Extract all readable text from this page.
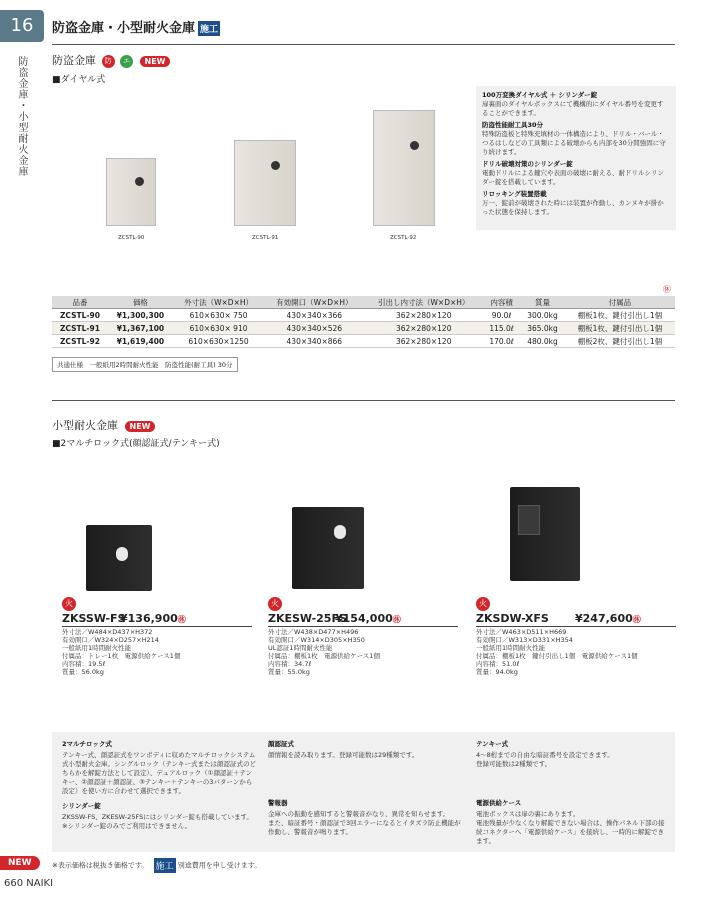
16
防盗金庫・小型耐火金庫
防盗金庫・小型耐火金庫 施工
防盗金庫 防犯 エコ NEW
■ダイヤル式
ZCSTL-90	ZCSTL-91	ZCSTL-92
100万変換ダイヤル式 ＋ シリンダー錠
扉裏面のダイヤルボックスにて機構的にダイヤル番号を変更することができます。
防盗性能耐工具30分
特殊防盗板と特殊充填材の一体構造により、ドリル・バール・つるはしなどの工具類による破壊からも内部を30分間強固に守り続けます。
ドリル破壊対策のシリンダー錠
電動ドリルによる鍵穴や表面の破壊に耐える、耐ドリルシリンダー錠を搭載しています。
リロッキング装置搭載
万一、錠前が破壊された時には装置が作動し、カンヌキが掛かった状態を保持します。
㊡
品番	価格	外寸法（W×D×H）	有効開口（W×D×H）	引出し内寸法（W×D×H）	内容積	質量	付属品
ZCSTL-90	¥1,300,300	610×630× 750	430×340×366	362×280×120	90.0ℓ	300.0kg	棚板1枚、鍵付引出し1個
ZCSTL-91	¥1,367,100	610×630× 910	430×340×526	362×280×120	115.0ℓ	365.0kg	棚板1枚、鍵付引出し1個
ZCSTL-92	¥1,619,400	610×630×1250	430×340×866	362×280×120	170.0ℓ	480.0kg	棚板2枚、鍵付引出し1個
共通仕様　一般紙用2時間耐火性能　防盗性能(耐工具) 30分
小型耐火金庫 NEW
■2マルチロック式(顔認証式/テンキー式)
火
ZKSSW-FS
¥136,900㊡
外寸法／W484×D437×H372
有効開口／W324×D257×H214
一般紙用1時間耐火性能
付属品：トレー1枚　電源供給ケース1個
内容積：19.5ℓ
質量：56.0kg
火
ZKESW-25FS
¥154,000㊡
外寸法／W438×D477×H496
有効開口／W314×D305×H350
UL認証1時間耐火性能
付属品：棚板1枚　電源供給ケース1個
内容積：34.7ℓ
質量：55.0kg
火
ZKSDW-XFS ¥247,600㊡
外寸法／W463×D511×H669
有効開口／W313×D331×H354
一般紙用1時間耐火性能
付属品：棚板1枚　鍵付引出し1個　電源供給ケース1個
内容積：51.0ℓ
質量：94.0kg
2マルチロック式
テンキー式、顔認証式をワンボディに収めたマルチロックシステム式小型耐火金庫。シングルロック（テンキー式または顔認証式のどちらかを解錠方法として設定）、デュアルロック（①顔認証＋テンキー、②顔認証＋顔認証、③テンキー＋テンキーの3パターンから設定）を使い方に合わせて選択できます。
シリンダー錠
ZKSSW-FS、ZKESW-25FSにはシリンダー錠も搭載しています。
※シリンダー錠のみでご利用はできません。
顔認証式
顔情報を読み取ります。登録可能数は29種類です。
警報器
金庫への振動を感知すると警報音がなり、異常を知らせます。
また、暗証番号・顔認証で3回エラーになるとイタズラ防止機能が作動し、警報音が鳴ります。
テンキー式
4～8桁までの自由な暗証番号を設定できます。
登録可能数は2種類です。
電源供給ケース
電池ボックスは扉の裏にあります。
電池残量が少なくなり解錠できない場合は、操作パネル下部の接続コネクターへ「電源供給ケース」を接続し、一時的に解錠できます。
NEW	※表示価格は税抜き価格です。 施工 別途費用を申し受けます。
660 NAIKI
